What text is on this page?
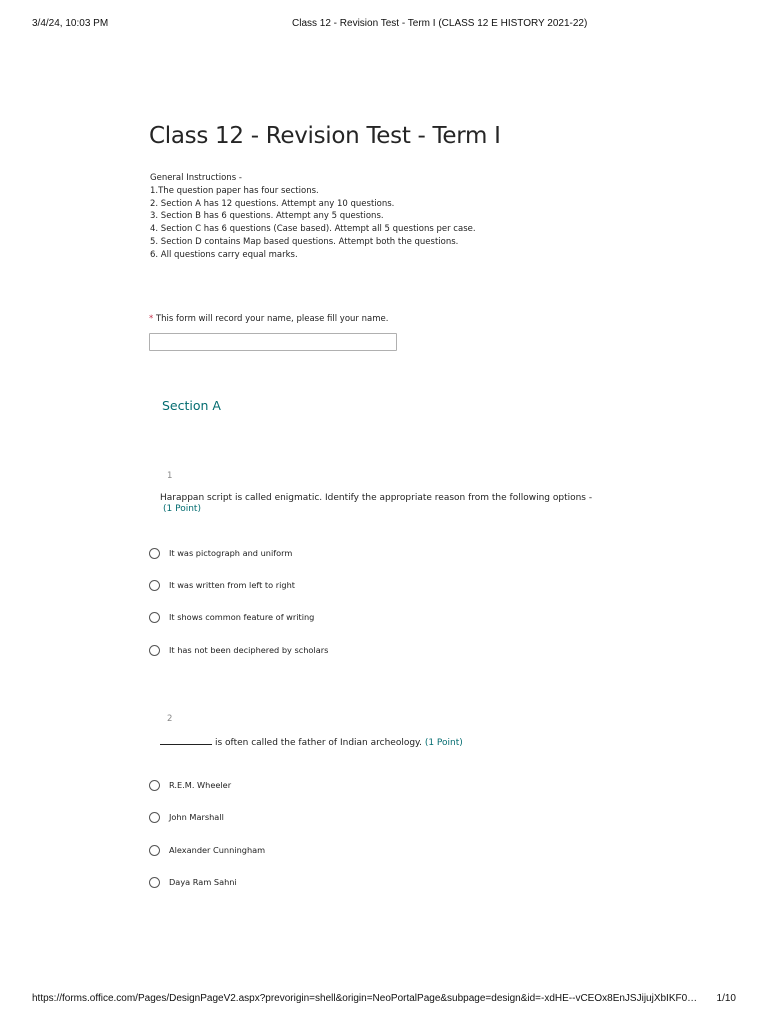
3/4/24, 10:03 PM	Class 12 - Revision Test - Term I (CLASS 12 E HISTORY 2021-22)
Class 12 - Revision Test - Term I
General Instructions -
1.The question paper has four sections.
2. Section A has 12 questions. Attempt any 10 questions.
3. Section B has 6 questions. Attempt any 5 questions.
4. Section C has 6 questions (Case based). Attempt all 5 questions per case.
5. Section D contains Map based questions. Attempt both the questions.
6. All questions carry equal marks.
* This form will record your name, please fill your name.
Section A
1
Harappan script is called enigmatic. Identify the appropriate reason from the following options -
(1 Point)
It was pictograph and uniform
It was written from left to right
It shows common feature of writing
It has not been deciphered by scholars
2
is often called the father of Indian archeology. (1 Point)
R.E.M. Wheeler
John Marshall
Alexander Cunningham
Daya Ram Sahni
https://forms.office.com/Pages/DesignPageV2.aspx?prevorigin=shell&origin=NeoPortalPage&subpage=design&id=-xdHE--vCEOx8EnJSJijujXbIKF0…	1/10
